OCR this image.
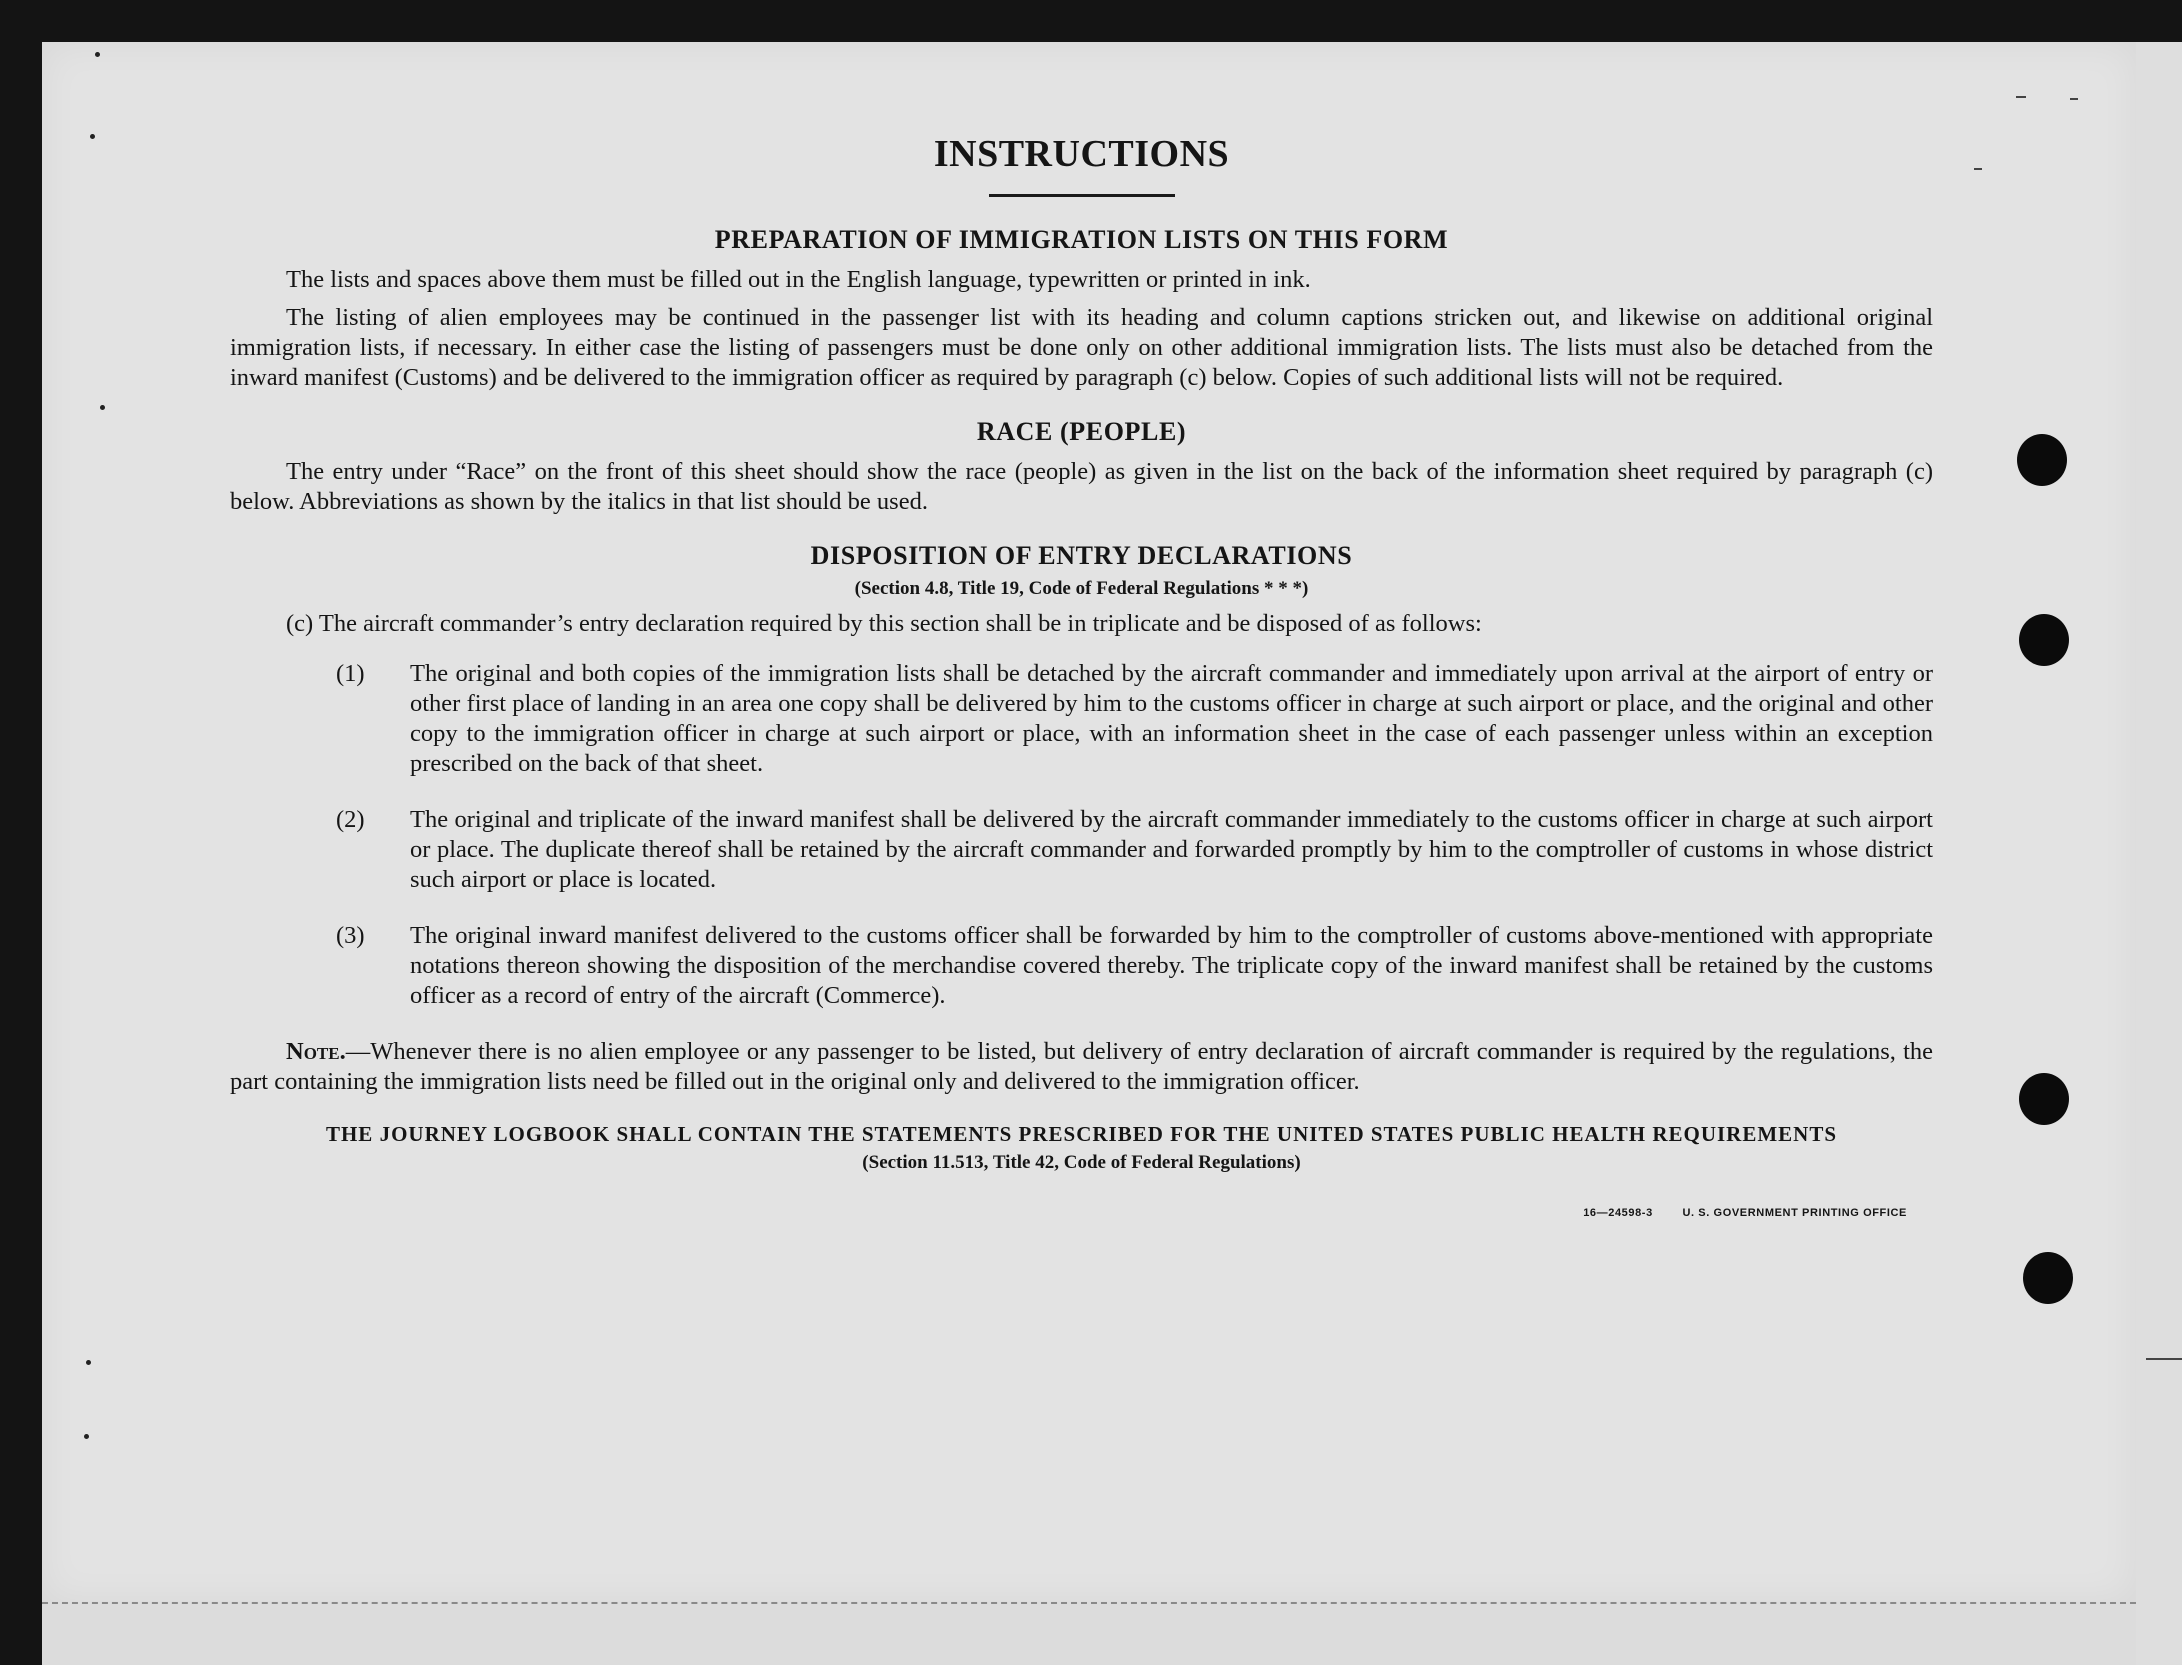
INSTRUCTIONS
PREPARATION OF IMMIGRATION LISTS ON THIS FORM

The lists and spaces above them must be filled out in the English language, typewritten or printed in ink.

The listing of alien employees may be continued in the passenger list with its heading and column captions stricken out, and likewise on additional original immigration lists, if necessary. In either case the listing of passengers must be done only on other additional immigration lists. The lists must also be detached from the inward manifest (Customs) and be delivered to the immigration officer as required by paragraph (c) below. Copies of such additional lists will not be required.

RACE (PEOPLE)

The entry under “Race” on the front of this sheet should show the race (people) as given in the list on the back of the information sheet required by paragraph (c) below. Abbreviations as shown by the italics in that list should be used.

DISPOSITION OF ENTRY DECLARATIONS
(Section 4.8, Title 19, Code of Federal Regulations * * *)

(c) The aircraft commander’s entry declaration required by this section shall be in triplicate and be disposed of as follows:

(1) The original and both copies of the immigration lists shall be detached by the aircraft commander and immediately upon arrival at the airport of entry or other first place of landing in an area one copy shall be delivered by him to the customs officer in charge at such airport or place, and the original and other copy to the immigration officer in charge at such airport or place, with an information sheet in the case of each passenger unless within an exception prescribed on the back of that sheet.
(2) The original and triplicate of the inward manifest shall be delivered by the aircraft commander immediately to the customs officer in charge at such airport or place. The duplicate thereof shall be retained by the aircraft commander and forwarded promptly by him to the comptroller of customs in whose district such airport or place is located.
(3) The original inward manifest delivered to the customs officer shall be forwarded by him to the comptroller of customs above-mentioned with appropriate notations thereon showing the disposition of the merchandise covered thereby. The triplicate copy of the inward manifest shall be retained by the customs officer as a record of entry of the aircraft (Commerce).

Note.—Whenever there is no alien employee or any passenger to be listed, but delivery of entry declaration of aircraft commander is required by the regulations, the part containing the immigration lists need be filled out in the original only and delivered to the immigration officer.

THE JOURNEY LOGBOOK SHALL CONTAIN THE STATEMENTS PRESCRIBED FOR THE UNITED STATES PUBLIC HEALTH REQUIREMENTS
(Section 11.513, Title 42, Code of Federal Regulations)
16—24598-3	U. S. GOVERNMENT PRINTING OFFICE
